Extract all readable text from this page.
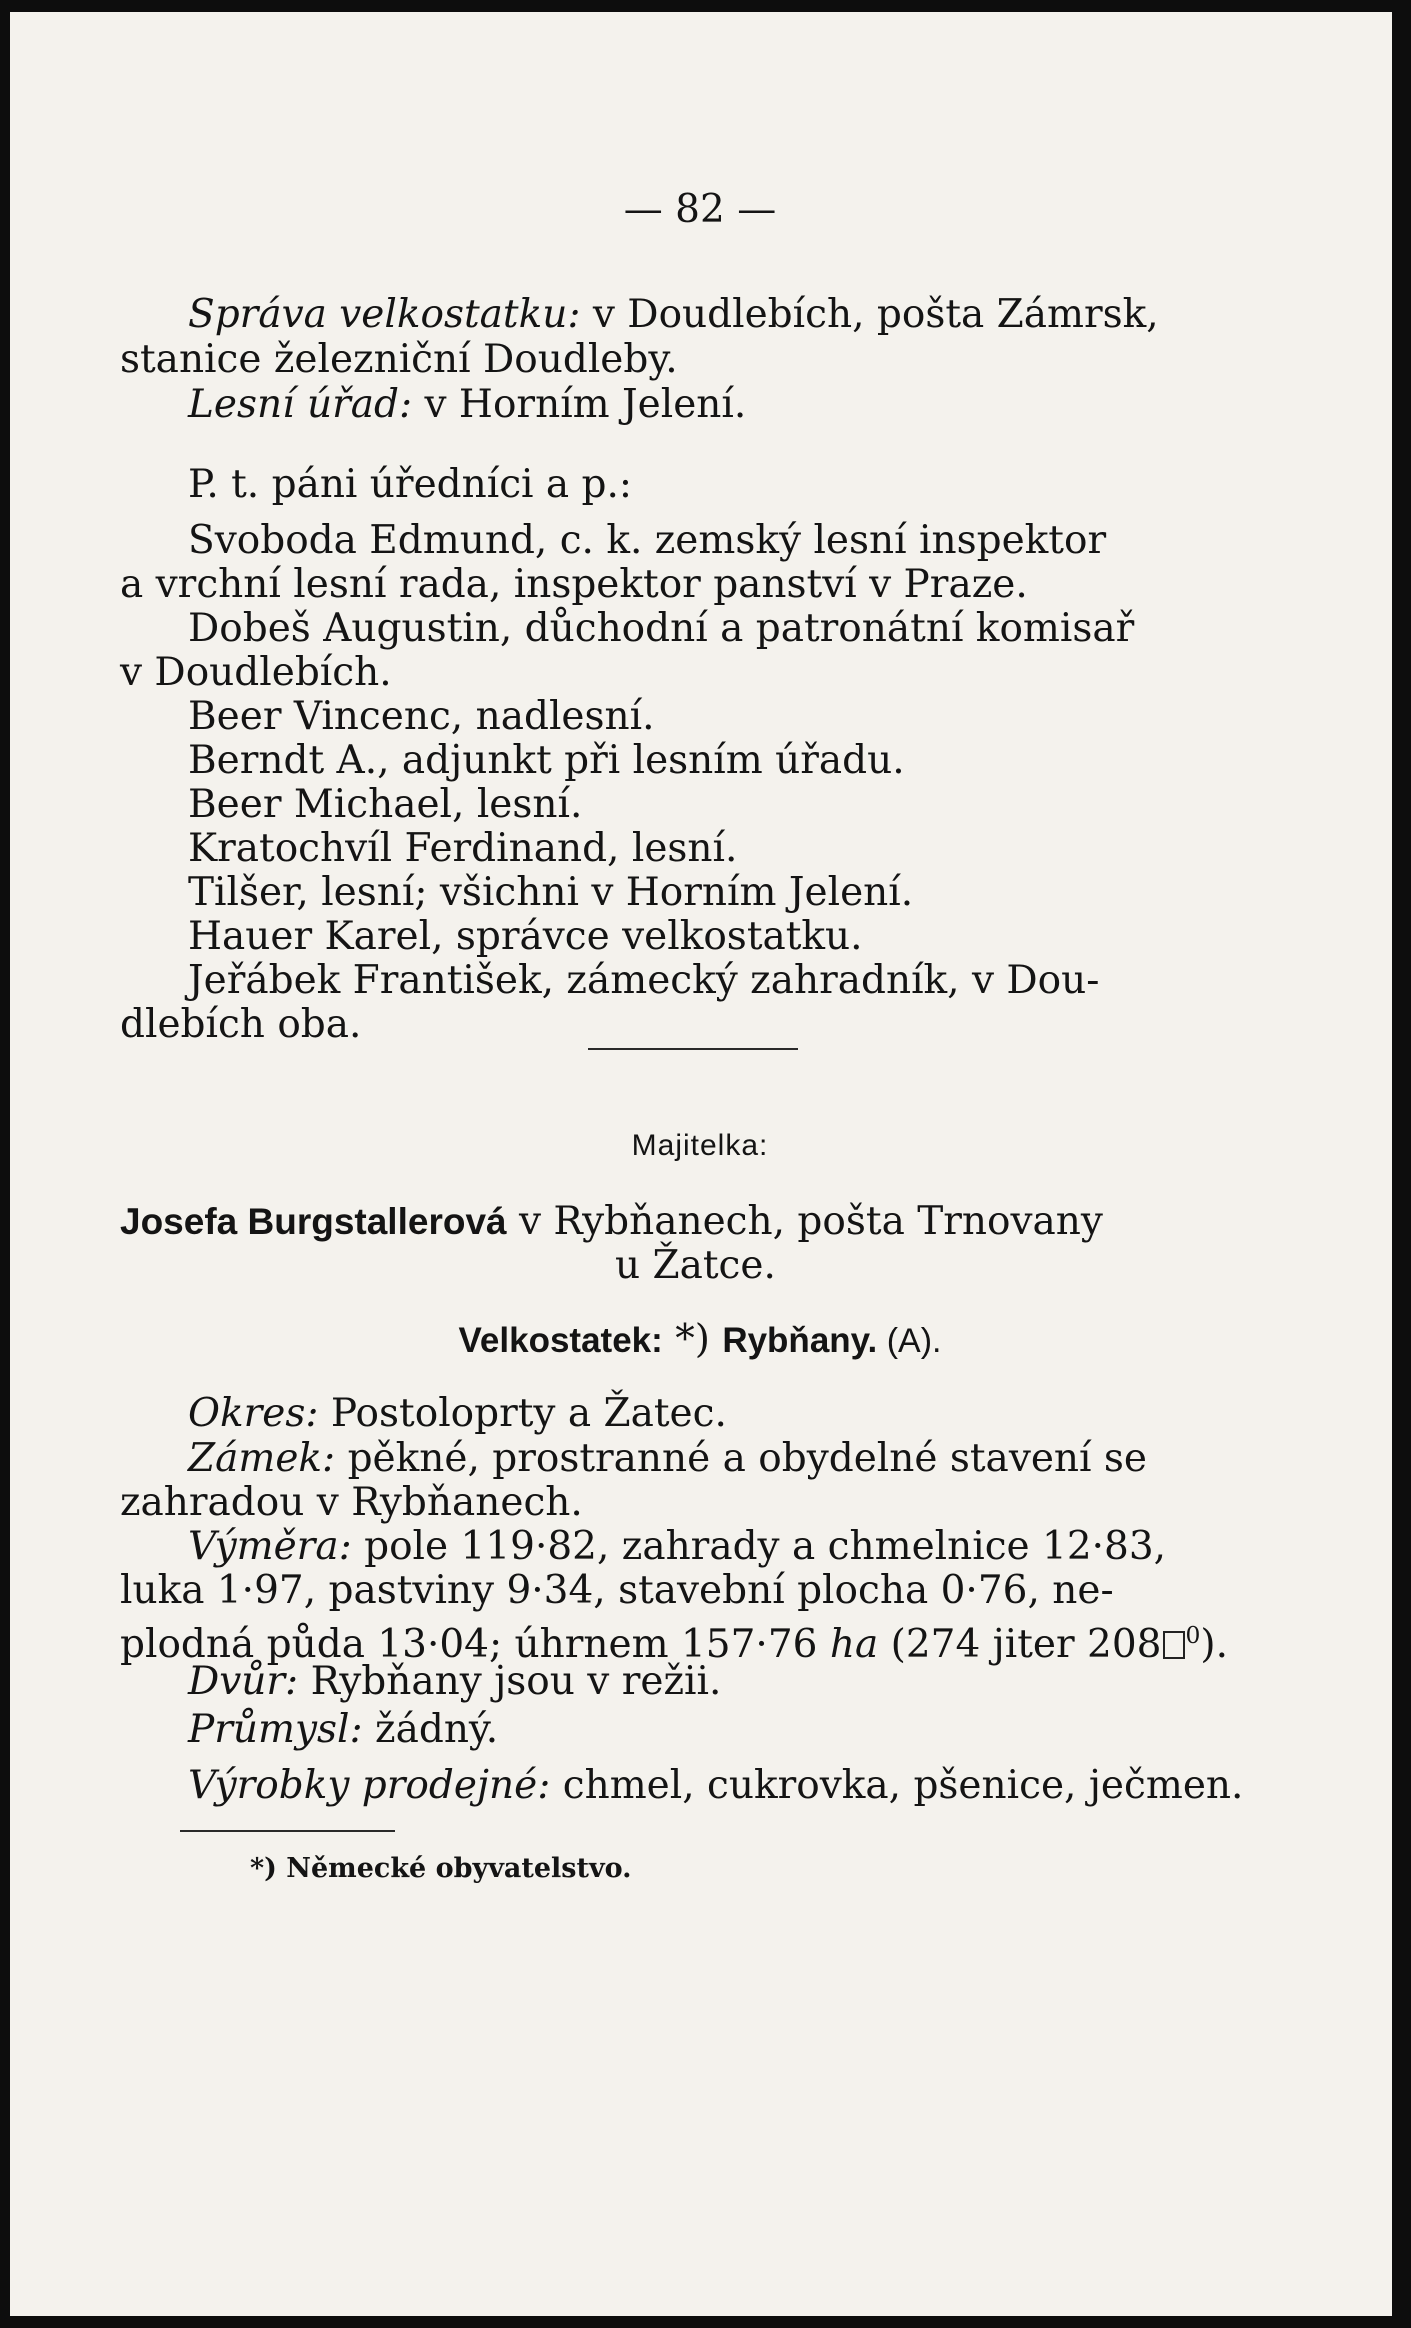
— 82 —
Správa velkostatku: v Doudlebích, pošta Zámrsk,
stanice železniční Doudleby.
Lesní úřad: v Horním Jelení.
P. t. páni úředníci a p.:
Svoboda Edmund, c. k. zemský lesní inspektor
a vrchní lesní rada, inspektor panství v Praze.
Dobeš Augustin, důchodní a patronátní komisař
v Doudlebích.
Beer Vincenc, nadlesní.
Berndt A., adjunkt při lesním úřadu.
Beer Michael, lesní.
Kratochvíl Ferdinand, lesní.
Tilšer, lesní; všichni v Horním Jelení.
Hauer Karel, správce velkostatku.
Jeřábek František, zámecký zahradník, v Dou-
dlebích oba.
Majitelka:
Josefa Burgstallerová v Rybňanech, pošta Trnovany
u Žatce.
Velkostatek: *) Rybňany. (A).
Okres: Postoloprty a Žatec.
Zámek: pěkné, prostranné a obydelné stavení se
zahradou v Rybňanech.
Výměra: pole 119·82, zahrady a chmelnice 12·83,
luka 1·97, pastviny 9·34, stavební plocha 0·76, ne-
plodná půda 13·04; úhrnem 157·76 ha (274 jiter 208 $^0$).
Dvůr: Rybňany jsou v režii.
Průmysl: žádný.
Výrobky prodejné: chmel, cukrovka, pšenice, ječmen.
*) Německé obyvatelstvo.
